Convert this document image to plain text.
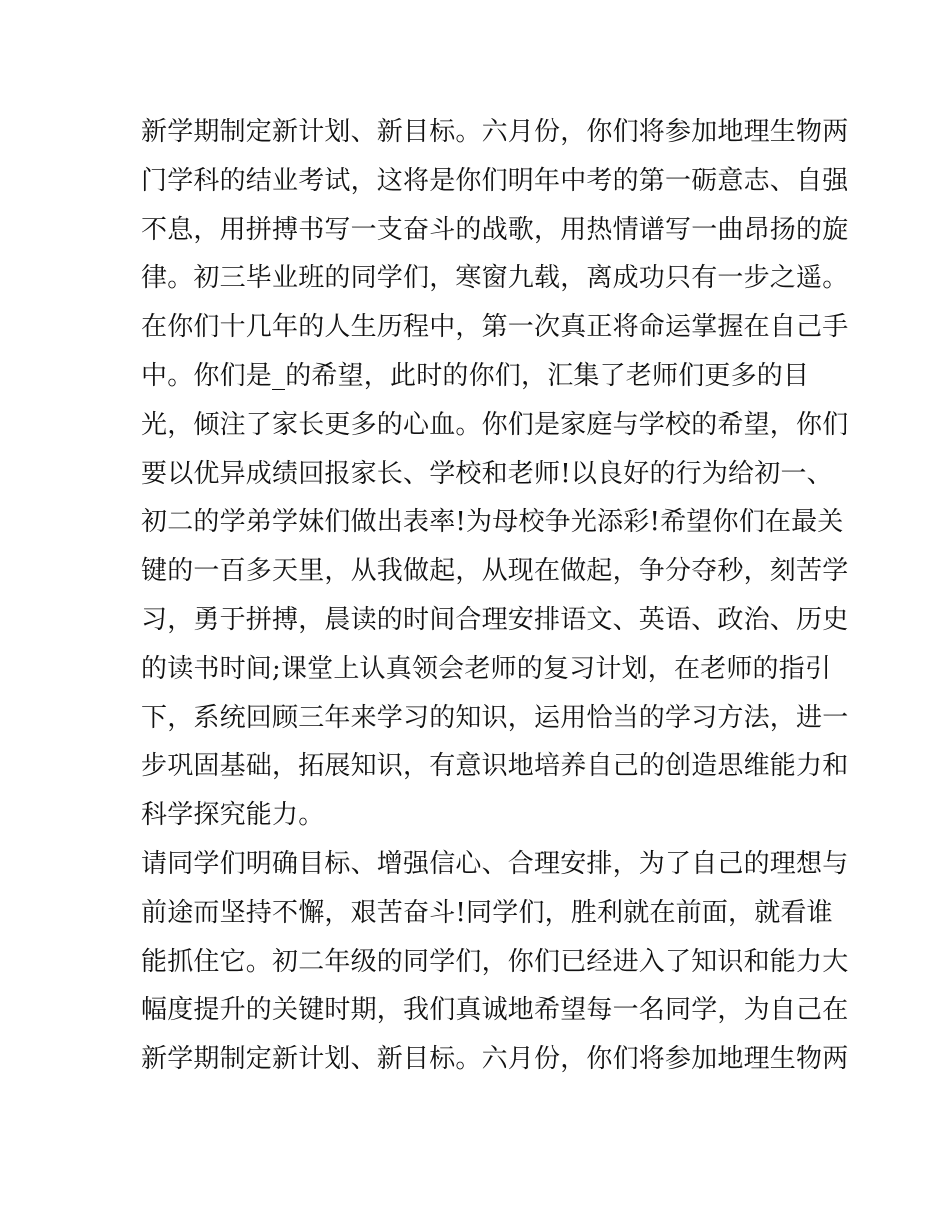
新学期制定新计划、新目标。六月份，你们将参加地理生物两
门学科的结业考试，这将是你们明年中考的第一砺意志、自强
不息，用拼搏书写一支奋斗的战歌，用热情谱写一曲昂扬的旋
律。初三毕业班的同学们，寒窗九载，离成功只有一步之遥。
在你们十几年的人生历程中，第一次真正将命运掌握在自己手
中。你们是_的希望，此时的你们，汇集了老师们更多的目
光，倾注了家长更多的心血。你们是家庭与学校的希望，你们
要以优异成绩回报家长、学校和老师!以良好的行为给初一、
初二的学弟学妹们做出表率!为母校争光添彩!希望你们在最关
键的一百多天里，从我做起，从现在做起，争分夺秒，刻苦学
习，勇于拼搏，晨读的时间合理安排语文、英语、政治、历史
的读书时间;课堂上认真领会老师的复习计划，在老师的指引
下，系统回顾三年来学习的知识，运用恰当的学习方法，进一
步巩固基础，拓展知识，有意识地培养自己的创造思维能力和
科学探究能力。
请同学们明确目标、增强信心、合理安排，为了自己的理想与
前途而坚持不懈，艰苦奋斗!同学们，胜利就在前面，就看谁
能抓住它。初二年级的同学们，你们已经进入了知识和能力大
幅度提升的关键时期，我们真诚地希望每一名同学，为自己在
新学期制定新计划、新目标。六月份，你们将参加地理生物两
